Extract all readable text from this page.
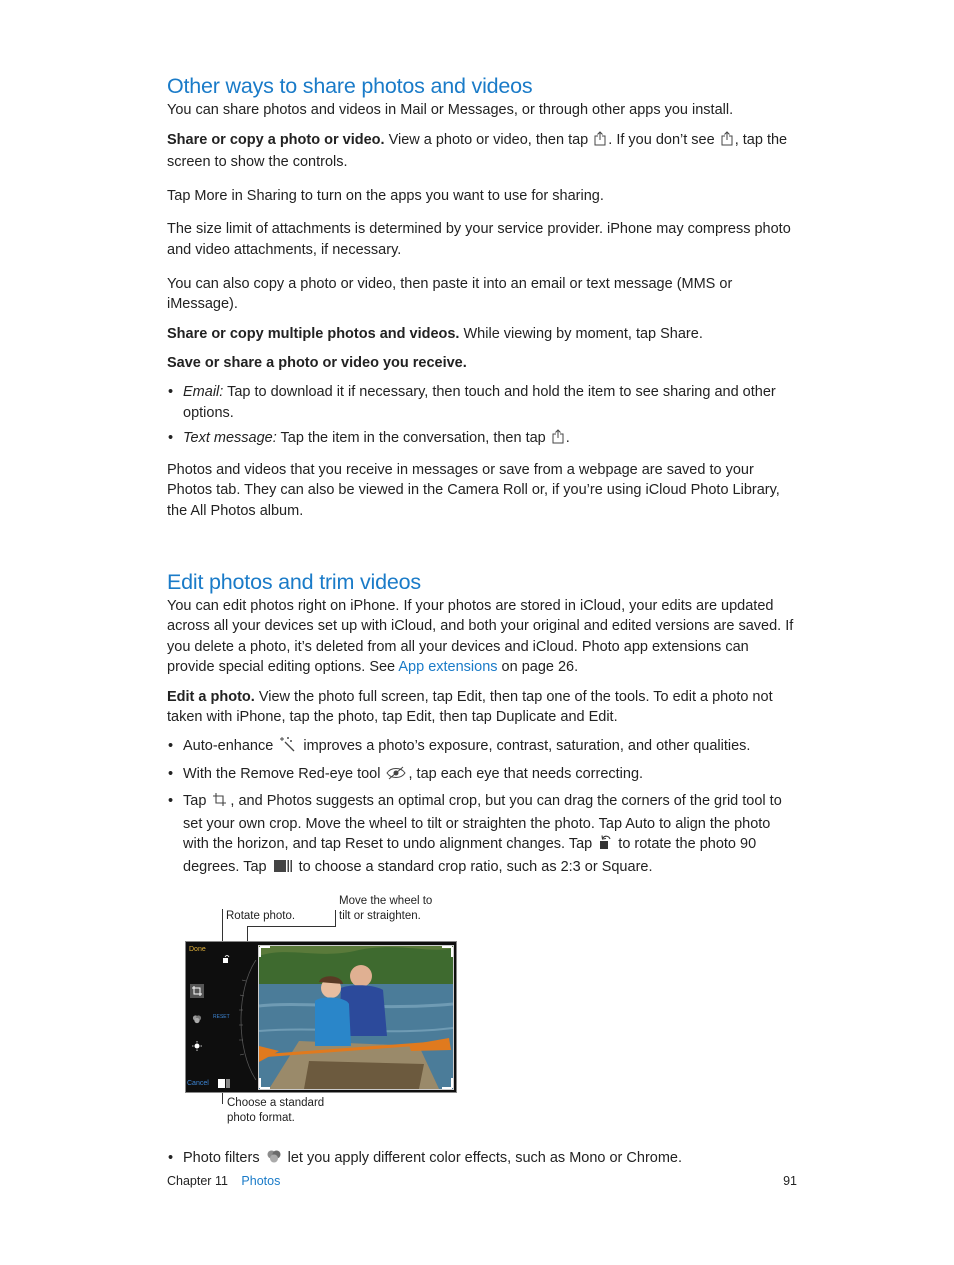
Other ways to share photos and videos

You can share photos and videos in Mail or Messages, or through other apps you install.

Share or copy a photo or video. View a photo or video, then tap . If you don’t see , tap the screen to show the controls.

Tap More in Sharing to turn on the apps you want to use for sharing.

The size limit of attachments is determined by your service provider. iPhone may compress photo and video attachments, if necessary.

You can also copy a photo or video, then paste it into an email or text message (MMS or iMessage).

Share or copy multiple photos and videos. While viewing by moment, tap Share.

Save or share a photo or video you receive.

• Email: Tap to download it if necessary, then touch and hold the item to see sharing and other options.
• Text message: Tap the item in the conversation, then tap .

Photos and videos that you receive in messages or save from a webpage are saved to your Photos tab. They can also be viewed in the Camera Roll or, if you’re using iCloud Photo Library, the All Photos album.

Edit photos and trim videos

You can edit photos right on iPhone. If your photos are stored in iCloud, your edits are updated across all your devices set up with iCloud, and both your original and edited versions are saved. If you delete a photo, it’s deleted from all your devices and iCloud. Photo app extensions can provide special editing options. See App extensions on page 26.

Edit a photo. View the photo full screen, tap Edit, then tap one of the tools. To edit a photo not taken with iPhone, tap the photo, tap Edit, then tap Duplicate and Edit.

• Auto-enhance  improves a photo’s exposure, contrast, saturation, and other qualities.
• With the Remove Red-eye tool , tap each eye that needs correcting.
• Tap , and Photos suggests an optimal crop, but you can drag the corners of the grid tool to set your own crop. Move the wheel to tilt or straighten the photo. Tap Auto to align the photo with the horizon, and tap Reset to undo alignment changes. Tap  to rotate the photo 90 degrees. Tap  to choose a standard crop ratio, such as 2:3 or Square.
Rotate photo.
Move the wheel to
tilt or straighten.
Choose a standard
photo format.
Done
Cancel
RESET
• Photo filters  let you apply different color effects, such as Mono or Chrome.
Chapter 11 Photos	91
